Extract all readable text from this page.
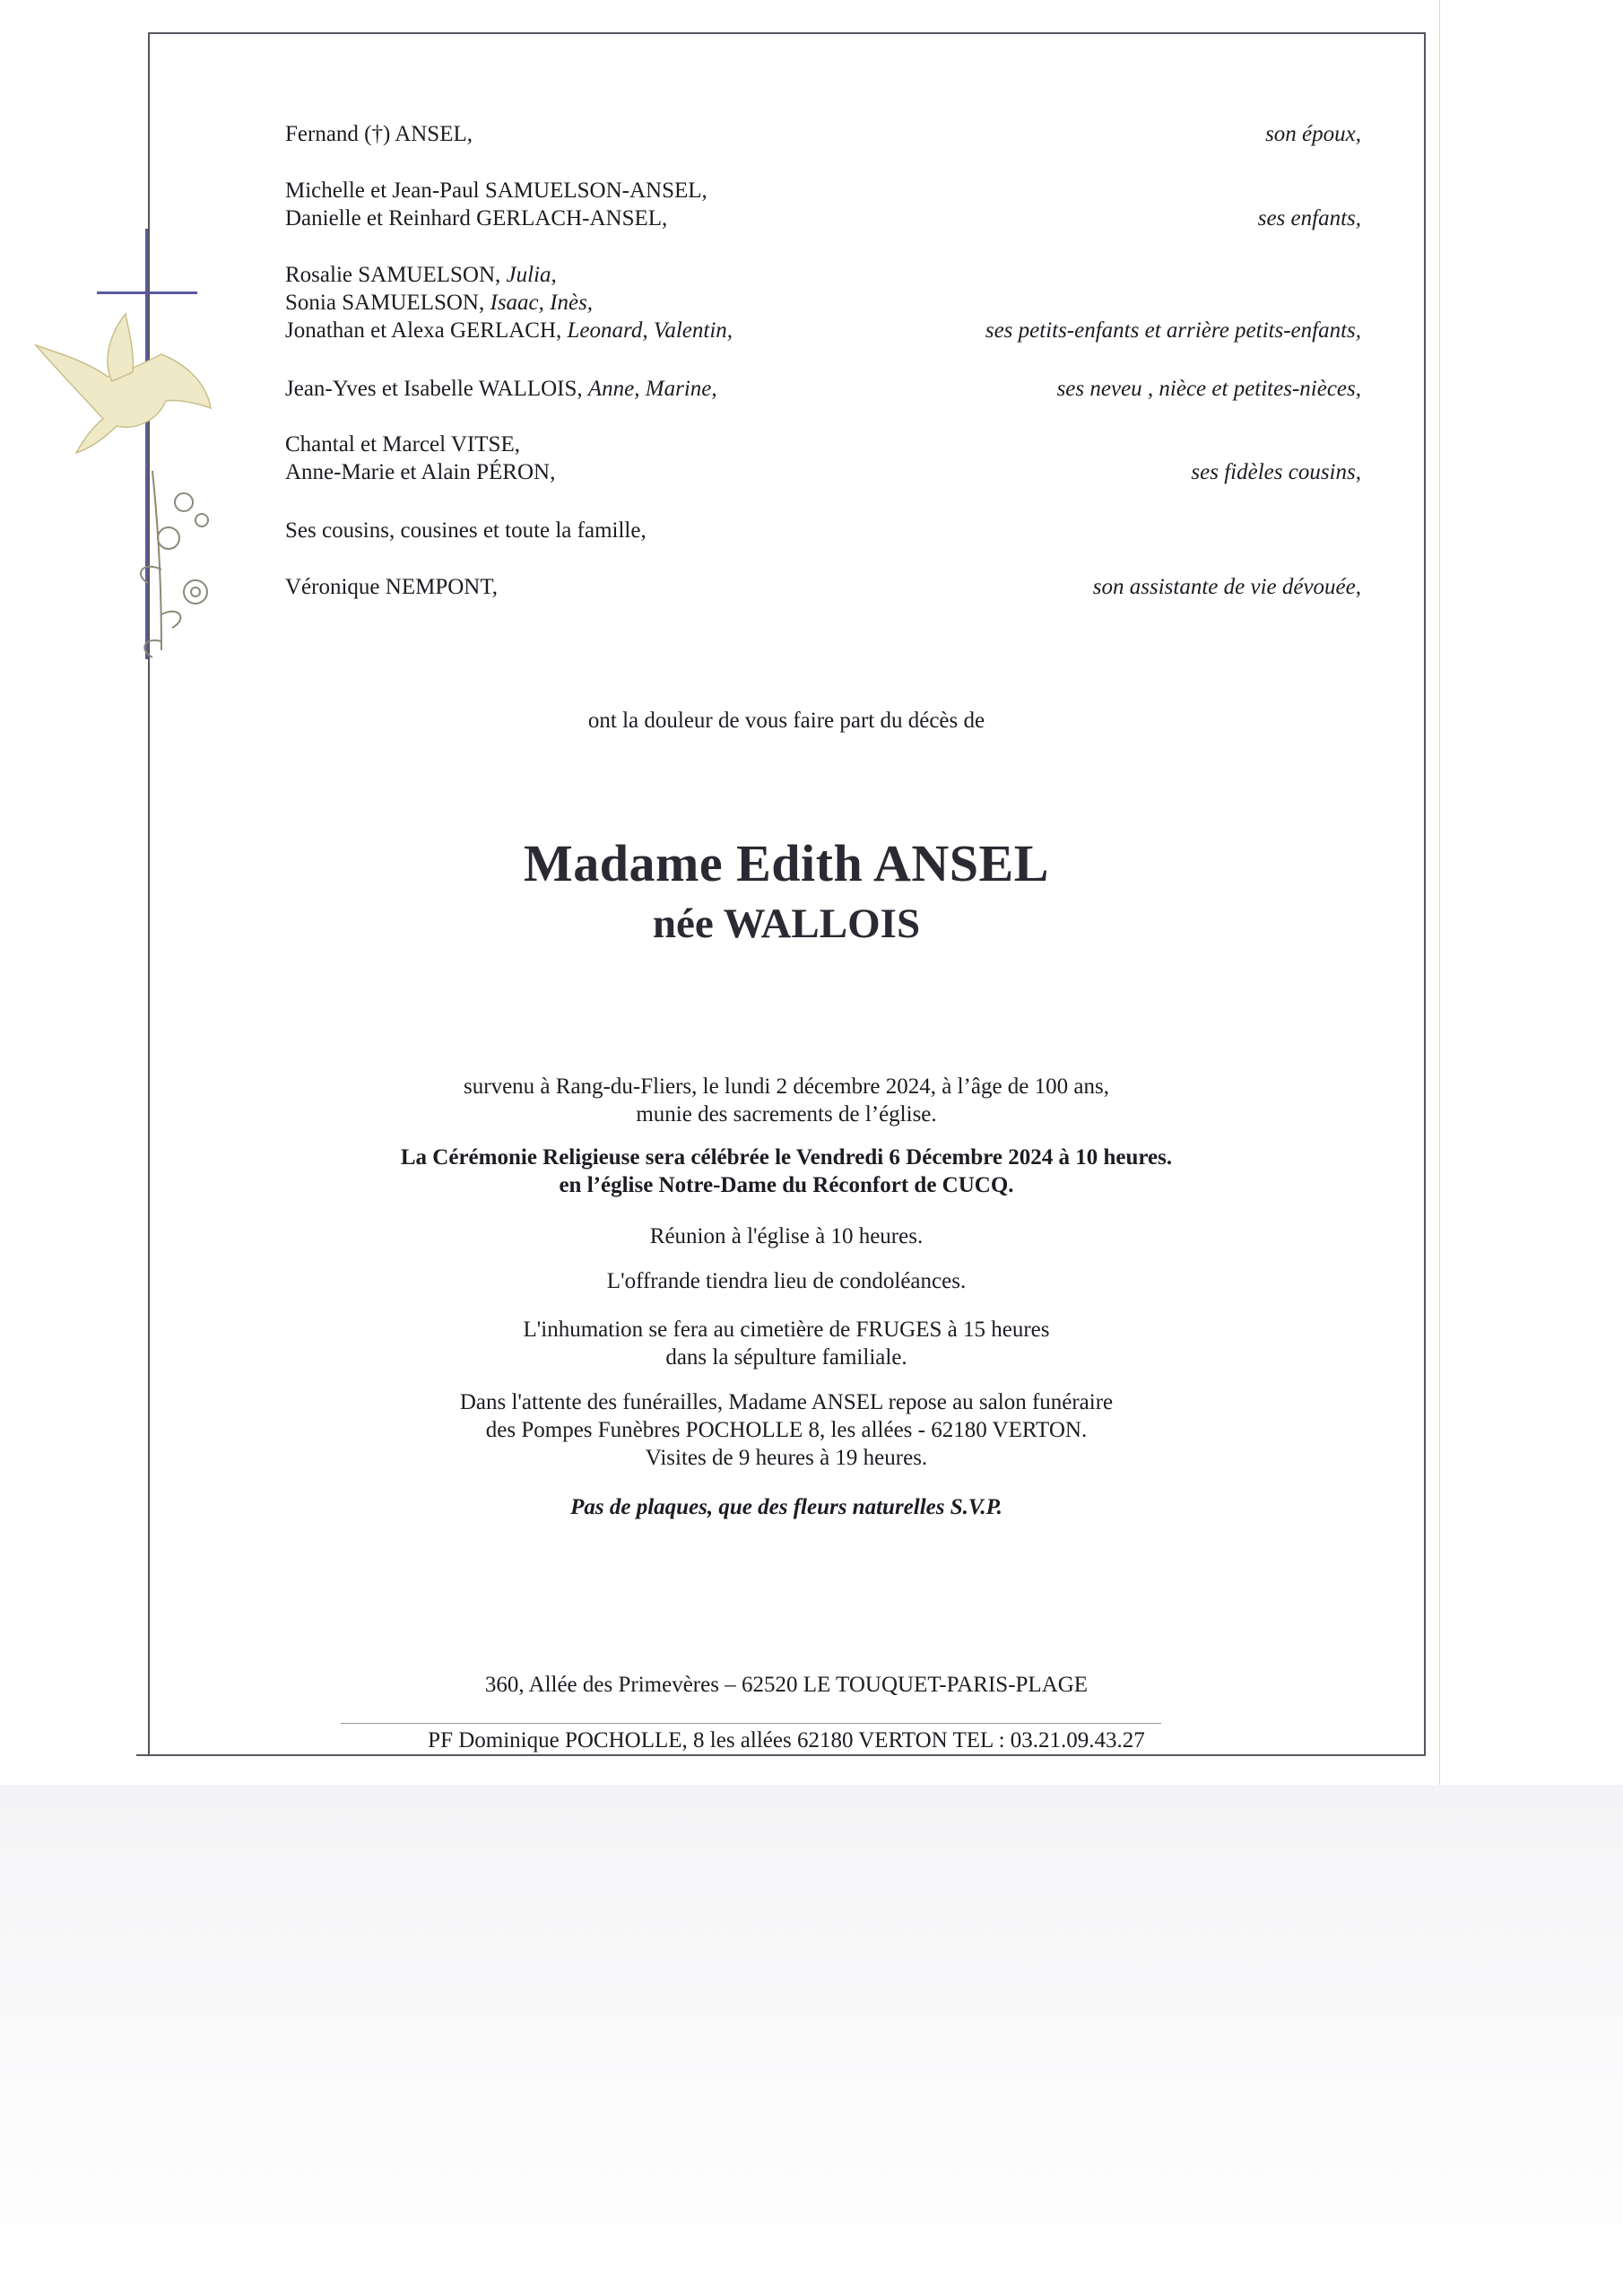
Fernand (†) ANSEL,	son époux,
Michelle et Jean-Paul SAMUELSON-ANSEL,
Danielle et Reinhard GERLACH-ANSEL,	ses enfants,
Rosalie SAMUELSON, Julia,
Sonia SAMUELSON, Isaac, Inès,
Jonathan et Alexa GERLACH, Leonard, Valentin,	ses petits-enfants et arrière petits-enfants,
Jean-Yves et Isabelle WALLOIS, Anne, Marine,	ses neveu , nièce et petites-nièces,
Chantal et Marcel VITSE,
Anne-Marie et Alain PÉRON,	ses fidèles cousins,
Ses cousins, cousines et toute la famille,
Véronique NEMPONT,	son assistante de vie dévouée,
ont la douleur de vous faire part du décès de
Madame Edith ANSEL
née WALLOIS
survenu à Rang-du-Fliers, le lundi 2 décembre 2024, à l’âge de 100 ans,
munie des sacrements de l’église.
La Cérémonie Religieuse sera célébrée le Vendredi 6 Décembre 2024 à 10 heures.
en l’église Notre-Dame du Réconfort de CUCQ.
Réunion à l'église à 10 heures.
L'offrande tiendra lieu de condoléances.
L'inhumation se fera au cimetière de FRUGES à 15 heures
dans la sépulture familiale.
Dans l'attente des funérailles, Madame ANSEL repose au salon funéraire
des Pompes Funèbres POCHOLLE 8, les allées - 62180 VERTON.
Visites de 9 heures à 19 heures.
Pas de plaques, que des fleurs naturelles S.V.P.
360, Allée des Primevères – 62520 LE TOUQUET-PARIS-PLAGE
PF Dominique POCHOLLE, 8 les allées 62180 VERTON TEL : 03.21.09.43.27
